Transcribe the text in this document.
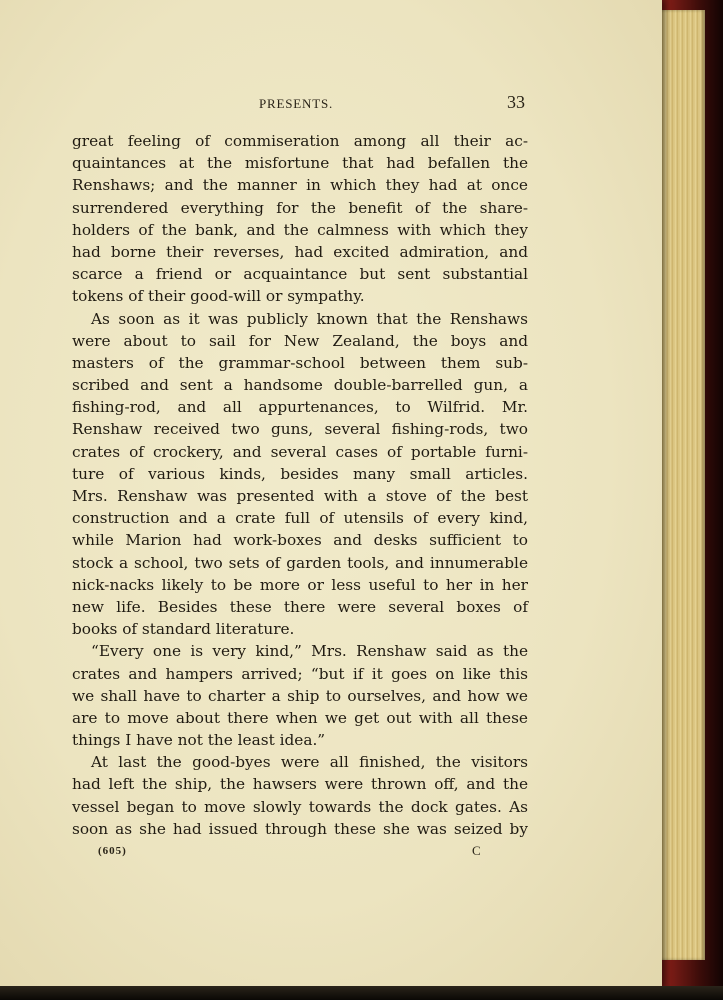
PRESENTS.	33
great feeling of commiseration among all their ac-
quaintances at the misfortune that had befallen the
Renshaws; and the manner in which they had at once
surrendered everything for the benefit of the share-
holders of the bank, and the calmness with which they
had borne their reverses, had excited admiration, and
scarce a friend or acquaintance but sent substantial
tokens of their good-will or sympathy.
As soon as it was publicly known that the Renshaws
were about to sail for New Zealand, the boys and
masters of the grammar-school between them sub-
scribed and sent a handsome double-barrelled gun, a
fishing-rod, and all appurtenances, to Wilfrid. Mr.
Renshaw received two guns, several fishing-rods, two
crates of crockery, and several cases of portable furni-
ture of various kinds, besides many small articles.
Mrs. Renshaw was presented with a stove of the best
construction and a crate full of utensils of every kind,
while Marion had work-boxes and desks sufficient to
stock a school, two sets of garden tools, and innumerable
nick-nacks likely to be more or less useful to her in her
new life. Besides these there were several boxes of
books of standard literature.
“Every one is very kind,” Mrs. Renshaw said as the
crates and hampers arrived; “but if it goes on like this
we shall have to charter a ship to ourselves, and how we
are to move about there when we get out with all these
things I have not the least idea.”
At last the good-byes were all finished, the visitors
had left the ship, the hawsers were thrown off, and the
vessel began to move slowly towards the dock gates. As
soon as she had issued through these she was seized by
(605)	C
